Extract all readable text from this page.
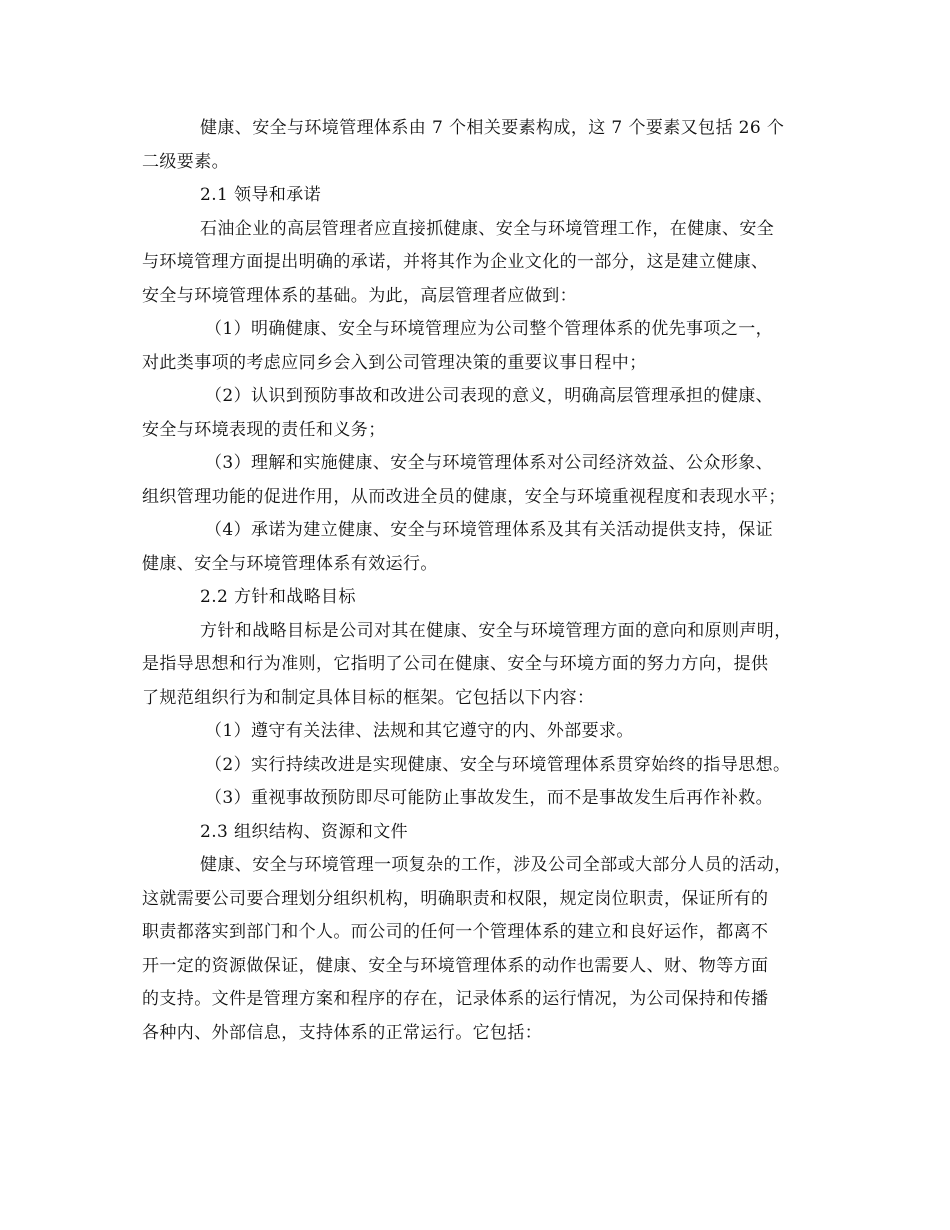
健康、安全与环境管理体系由 7 个相关要素构成，这 7 个要素又包括 26 个
二级要素。
2.1 领导和承诺
石油企业的高层管理者应直接抓健康、安全与环境管理工作，在健康、安全
与环境管理方面提出明确的承诺，并将其作为企业文化的一部分，这是建立健康、
安全与环境管理体系的基础。为此，高层管理者应做到：
（1）明确健康、安全与环境管理应为公司整个管理体系的优先事项之一，
对此类事项的考虑应同乡会入到公司管理决策的重要议事日程中；
（2）认识到预防事故和改进公司表现的意义，明确高层管理承担的健康、
安全与环境表现的责任和义务；
（3）理解和实施健康、安全与环境管理体系对公司经济效益、公众形象、
组织管理功能的促进作用，从而改进全员的健康，安全与环境重视程度和表现水平；
（4）承诺为建立健康、安全与环境管理体系及其有关活动提供支持，保证
健康、安全与环境管理体系有效运行。
2.2 方针和战略目标
方针和战略目标是公司对其在健康、安全与环境管理方面的意向和原则声明，
是指导思想和行为准则，它指明了公司在健康、安全与环境方面的努力方向，提供
了规范组织行为和制定具体目标的框架。它包括以下内容：
（1）遵守有关法律、法规和其它遵守的内、外部要求。
（2）实行持续改进是实现健康、安全与环境管理体系贯穿始终的指导思想。
（3）重视事故预防即尽可能防止事故发生，而不是事故发生后再作补救。
2.3 组织结构、资源和文件
健康、安全与环境管理一项复杂的工作，涉及公司全部或大部分人员的活动，
这就需要公司要合理划分组织机构，明确职责和权限，规定岗位职责，保证所有的
职责都落实到部门和个人。而公司的任何一个管理体系的建立和良好运作，都离不
开一定的资源做保证，健康、安全与环境管理体系的动作也需要人、财、物等方面
的支持。文件是管理方案和程序的存在，记录体系的运行情况，为公司保持和传播
各种内、外部信息，支持体系的正常运行。它包括：
